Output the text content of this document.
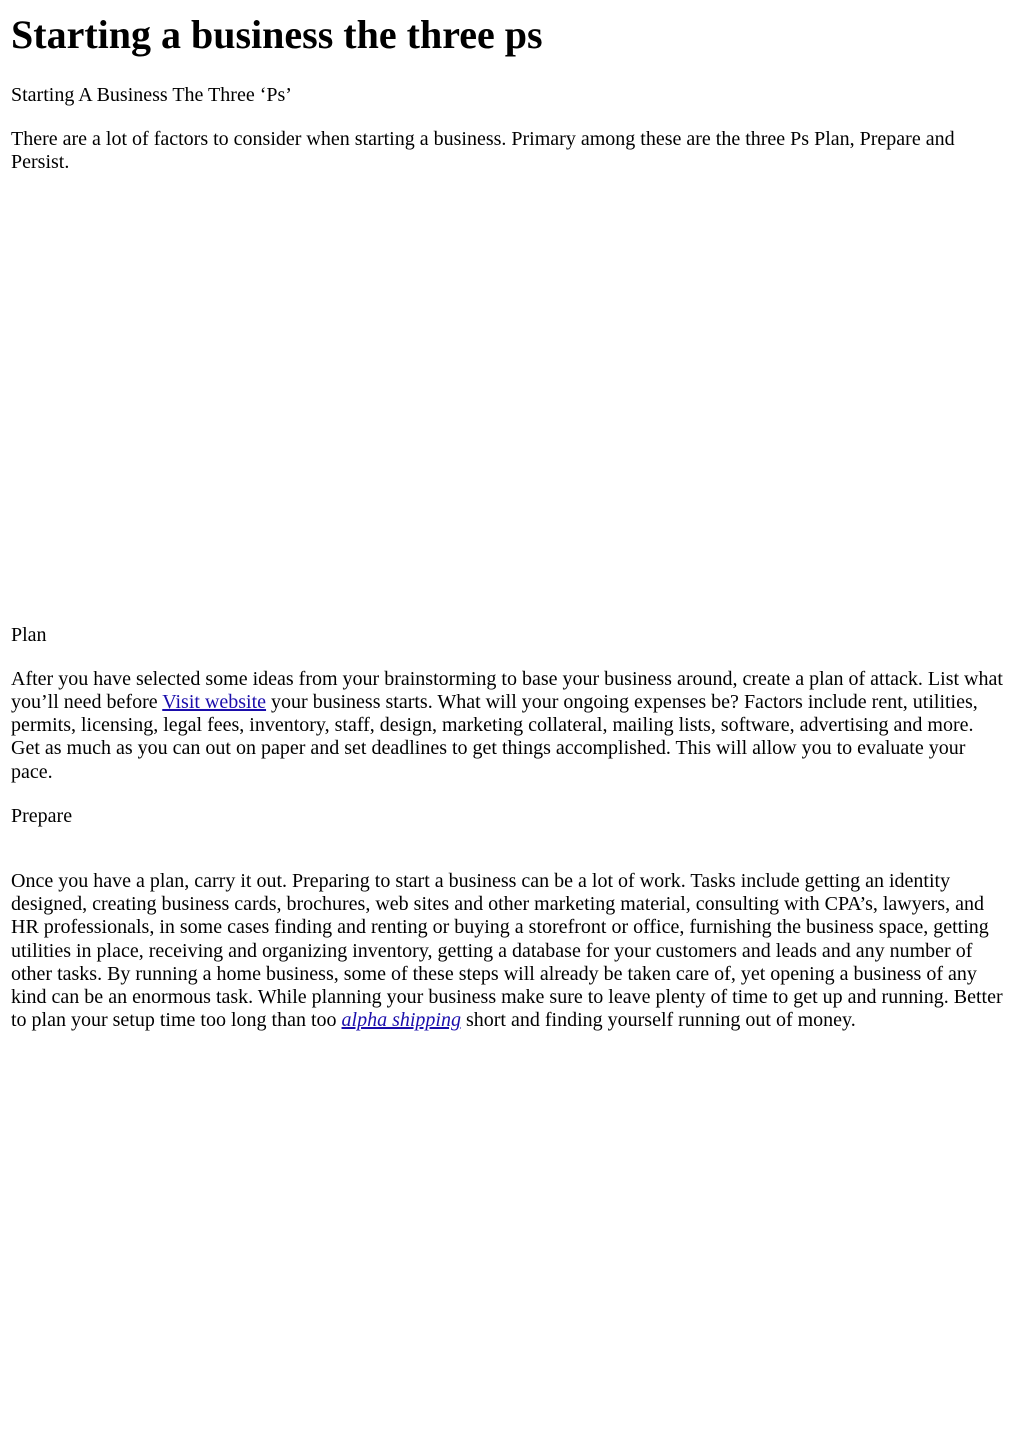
Starting a business the three ps

Starting A Business The Three ‘Ps’

There are a lot of factors to consider when starting a business. Primary among these are the three Ps Plan, Prepare and Persist.

Plan

After you have selected some ideas from your brainstorming to base your business around, create a plan of attack. List what you’ll need before Visit website your business starts. What will your ongoing expenses be? Factors include rent, utilities, permits, licensing, legal fees, inventory, staff, design, marketing collateral, mailing lists, software, advertising and more. Get as much as you can out on paper and set deadlines to get things accomplished. This will allow you to evaluate your pace.

Prepare

Once you have a plan, carry it out. Preparing to start a business can be a lot of work. Tasks include getting an identity designed, creating business cards, brochures, web sites and other marketing material, consulting with CPA’s, lawyers, and HR professionals, in some cases finding and renting or buying a storefront or office, furnishing the business space, getting utilities in place, receiving and organizing inventory, getting a database for your customers and leads and any number of other tasks. By running a home business, some of these steps will already be taken care of, yet opening a business of any kind can be an enormous task. While planning your business make sure to leave plenty of time to get up and running. Better to plan your setup time too long than too alpha shipping short and finding yourself running out of money.
